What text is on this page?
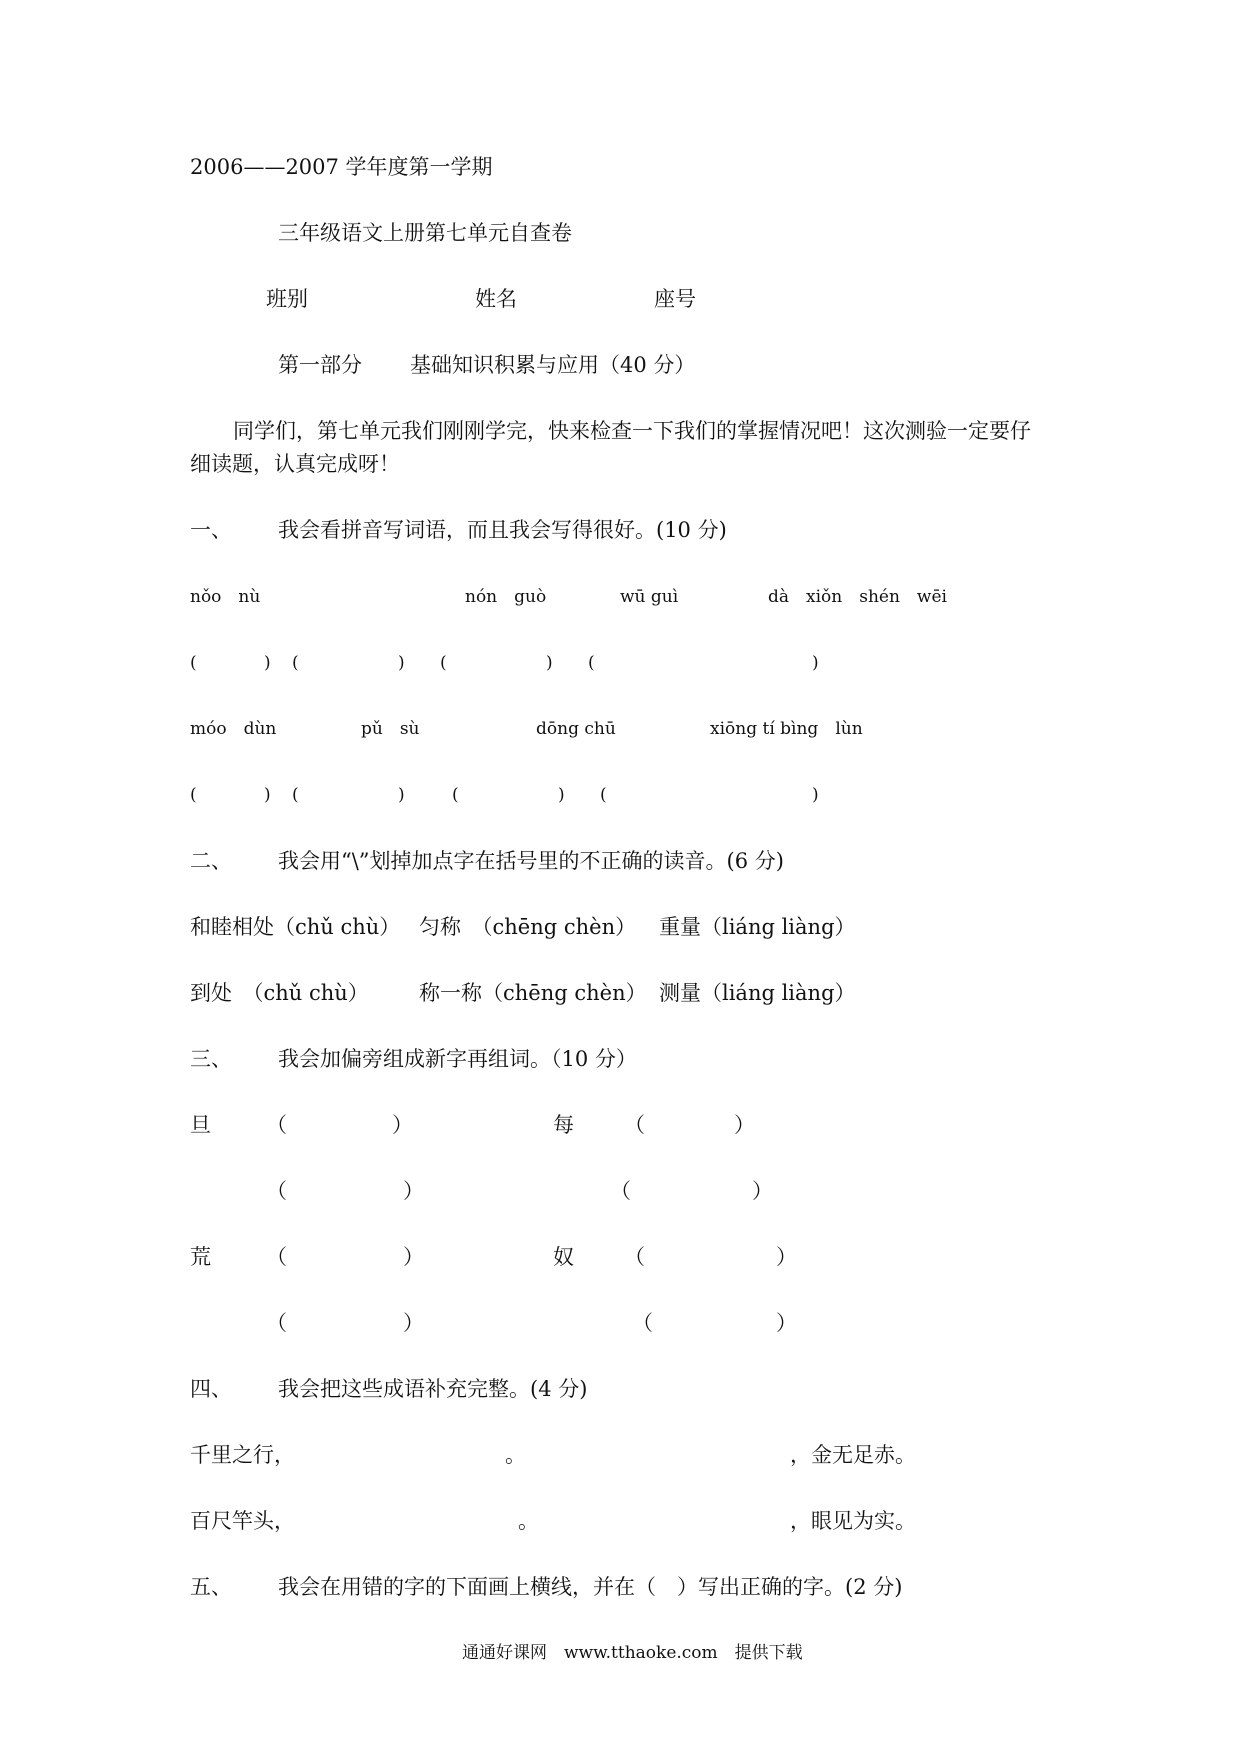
2006——2007 学年度第一学期
三年级语文上册第七单元自查卷
班别	姓名	座号
第一部分 基础知识积累与应用（40 分）
同学们，第七单元我们刚刚学完，快来检查一下我们的掌握情况吧！这次测验一定要仔
细读题，认真完成呀！
一、 我会看拼音写词语，而且我会写得很好。(10 分)
nǒo　nù	nón　guò	wū guì	dà　xiǒn　shén　wēi
(	) (	) (	) (	)
móo　dùn	pǔ　sù	dōng chū	xiōng tí bìng　lùn
(	) (	)	(	) (	)
二、 我会用“\”划掉加点字在括号里的不正确的读音。(6 分)
和睦相处（chǔ chù） 匀称　（chēng chèn） 重量（liáng liàng）
到处　（chǔ chù） 称一称（chēng chèn） 测量（liáng liàng）
三、 我会加偏旁组成新字再组词。（10 分）
旦	（	）	每 （	）
（	）	（	）
荒	（	）	奴 （	）
（	）	（	）
四、 我会把这些成语补充完整。(4 分)
千里之行，	。	，金无足赤。
百尺竿头，	。	，眼见为实。
五、 我会在用错的字的下面画上横线，并在（　）写出正确的字。(2 分)
通通好课网　www.tthaoke.com　提供下载
